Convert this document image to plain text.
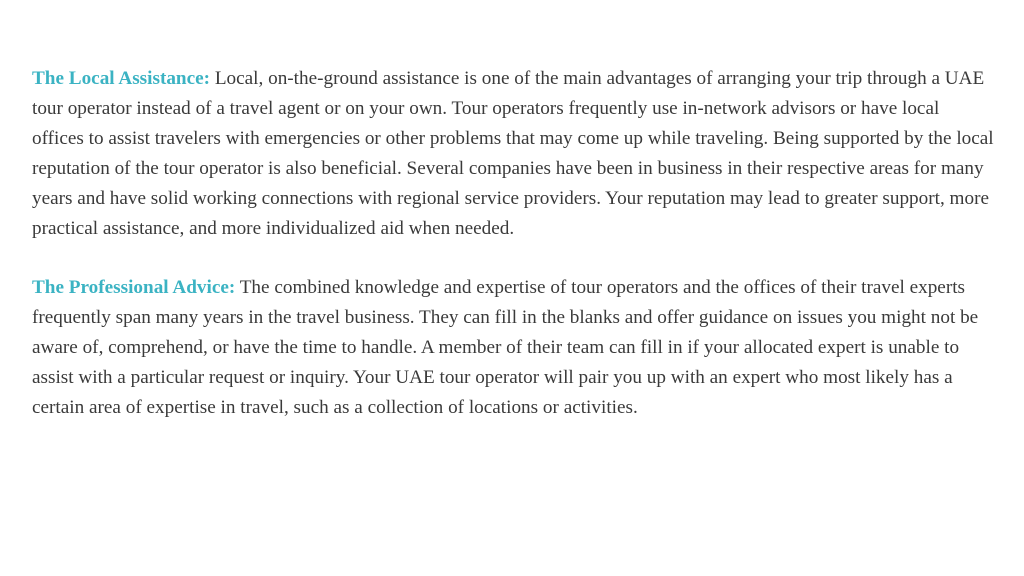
The Local Assistance: Local, on-the-ground assistance is one of the main advantages of arranging your trip through a UAE tour operator instead of a travel agent or on your own. Tour operators frequently use in-network advisors or have local offices to assist travelers with emergencies or other problems that may come up while traveling. Being supported by the local reputation of the tour operator is also beneficial. Several companies have been in business in their respective areas for many years and have solid working connections with regional service providers. Your reputation may lead to greater support, more practical assistance, and more individualized aid when needed.

The Professional Advice: The combined knowledge and expertise of tour operators and the offices of their travel experts frequently span many years in the travel business. They can fill in the blanks and offer guidance on issues you might not be aware of, comprehend, or have the time to handle. A member of their team can fill in if your allocated expert is unable to assist with a particular request or inquiry. Your UAE tour operator will pair you up with an expert who most likely has a certain area of expertise in travel, such as a collection of locations or activities.
